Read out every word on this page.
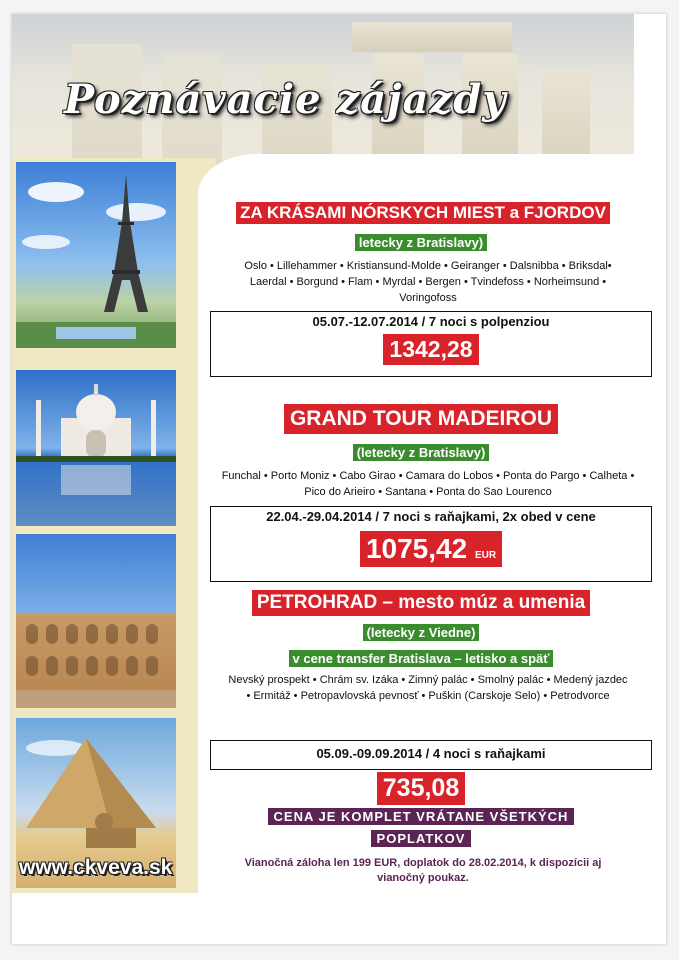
Poznávacie zájazdy
www.ckveva.sk
ZA KRÁSAMI NÓRSKYCH MIEST a FJORDOV
letecky z Bratislavy)
Oslo • Lillehammer • Kristiansund-Molde • Geiranger • Dalsnibba • Briksdal• Laerdal • Borgund • Flam • Myrdal • Bergen • Tvindefoss • Norheimsund • Voringofoss
05.07.-12.07.2014 / 7 noci s polpenziou
1342,28
GRAND TOUR MADEIROU
(letecky z Bratislavy)
Funchal • Porto Moniz • Cabo Girao • Camara do Lobos • Ponta do Pargo • Calheta • Pico do Arieiro • Santana • Ponta do Sao Lourenco
22.04.-29.04.2014 / 7 noci s raňajkami, 2x obed v cene
1075,42 EUR
PETROHRAD – mesto múz a umenia
(letecky z Viedne)
v cene transfer Bratislava – letisko a späť
Nevský prospekt • Chrám sv. Izáka • Zimný palác • Smolný palác • Medený jazdec • Ermitáž • Petropavlovská pevnosť • Puškin (Carskoje Selo) • Petrodvorce
05.09.-09.09.2014 / 4 noci s raňajkami
735,08
CENA JE KOMPLET VRÁTANE VŠETKÝCH
POPLATKOV
Vianočná záloha len 199 EUR, doplatok do 28.02.2014, k dispozícii aj vianočný poukaz.
